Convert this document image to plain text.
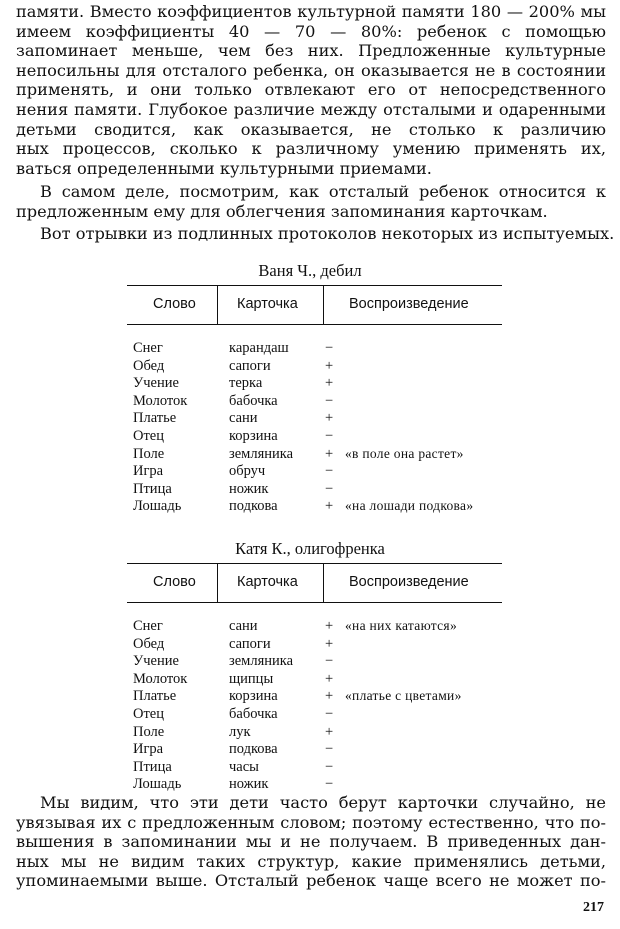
памяти. Вместо коэффициентов культурной памяти 180 — 200% мы
имеем коэффициенты 40 — 70 — 80%: ребенок с помощью
запоминает меньше, чем без них. Предложенные культурные
непосильны для отсталого ребенка, он оказывается не в состоянии
применять, и они только отвлекают его от непосредственного
нения памяти. Глубокое различие между отсталыми и одаренными
детьми сводится, как оказывается, не столько к различию
ных процессов, сколько к различному умению применять их,
ваться определенными культурными приемами.
В самом деле, посмотрим, как отсталый ребенок относится к
предложенным ему для облегчения запоминания карточкам.
Вот отрывки из подлинных протоколов некоторых из испытуемых.
Ваня Ч., дебил
Слово	Карточка	Воспроизведение
Снег	карандаш	−
Обед	сапоги	+
Учение	терка	+
Молоток	бабочка	−
Платье	сани	+
Отец	корзина	−
Поле	земляника + «в поле она растет»
Игра	обруч	−
Птица	ножик	−
Лошадь	подкова	+ «на лошади подкова»
Катя К., олигофренка
Слово	Карточка	Воспроизведение
Снег	сани	+ «на них катаются»
Обед	сапоги	+
Учение	земляника −
Молоток	щипцы	+
Платье	корзина	+ «платье с цветами»
Отец	бабочка	−
Поле	лук	+
Игра	подкова	−
Птица	часы	−
Лошадь	ножик	−
Мы видим, что эти дети часто берут карточки случайно, не
увязывая их с предложенным словом; поэтому естественно, что по-
вышения в запоминании мы и не получаем. В приведенных дан-
ных мы не видим таких структур, какие применялись детьми,
упоминаемыми выше. Отсталый ребенок чаще всего не может по-
217
